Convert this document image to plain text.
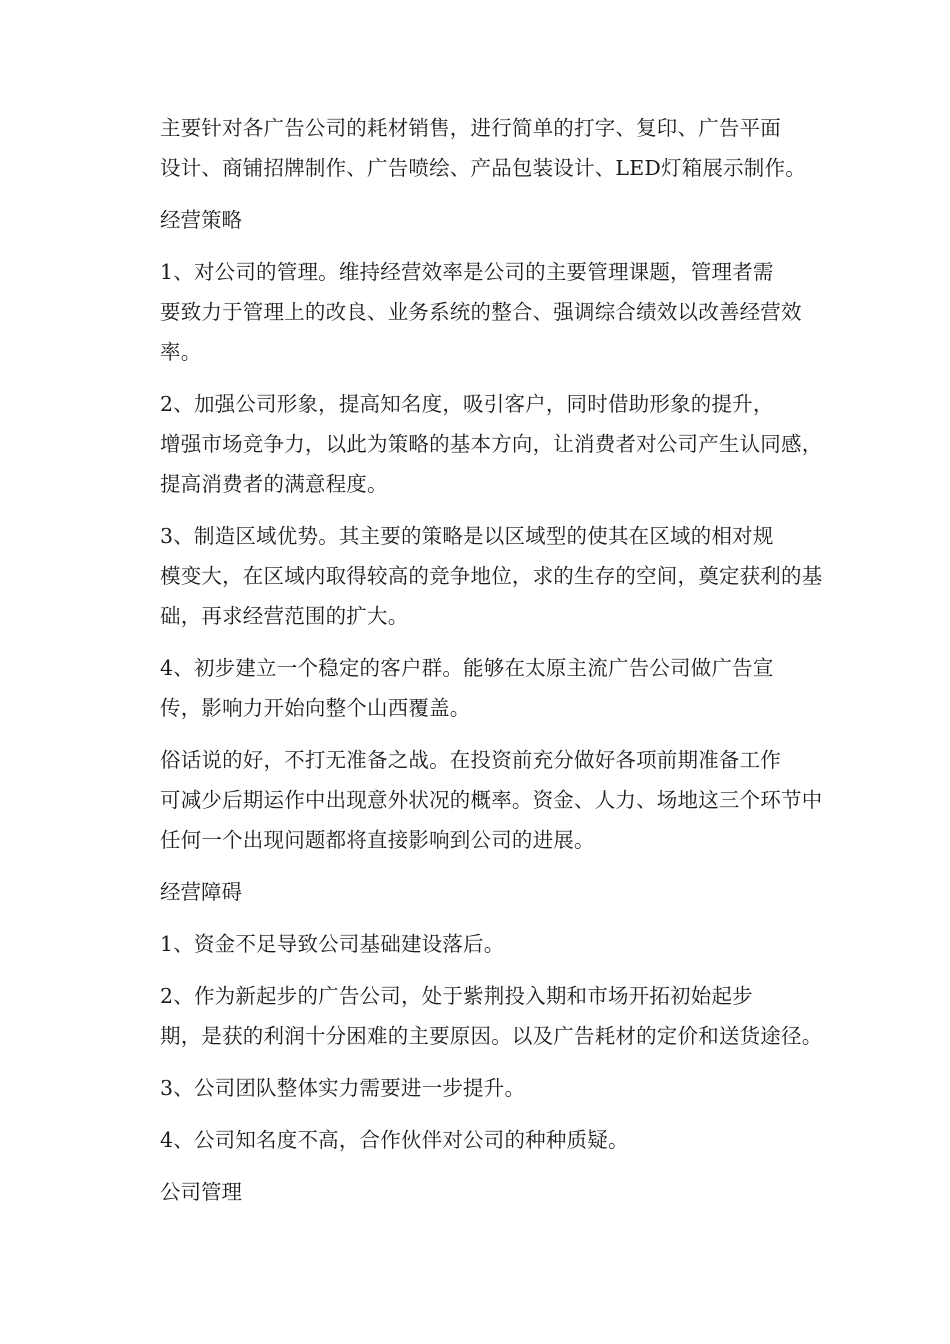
主要针对各广告公司的耗材销售，进行简单的打字、复印、广告平面
设计、商铺招牌制作、广告喷绘、产品包装设计、LED灯箱展示制作。

经营策略

1、对公司的管理。维持经营效率是公司的主要管理课题，管理者需
要致力于管理上的改良、业务系统的整合、强调综合绩效以改善经营效
率。

2、加强公司形象，提高知名度，吸引客户，同时借助形象的提升，
增强市场竞争力，以此为策略的基本方向，让消费者对公司产生认同感，
提高消费者的满意程度。

3、制造区域优势。其主要的策略是以区域型的使其在区域的相对规
模变大，在区域内取得较高的竞争地位，求的生存的空间，奠定获利的基
础，再求经营范围的扩大。

4、初步建立一个稳定的客户群。能够在太原主流广告公司做广告宣
传，影响力开始向整个山西覆盖。

俗话说的好，不打无准备之战。在投资前充分做好各项前期准备工作
可减少后期运作中出现意外状况的概率。资金、人力、场地这三个环节中
任何一个出现问题都将直接影响到公司的进展。

经营障碍

1、资金不足导致公司基础建设落后。

2、作为新起步的广告公司，处于紫荆投入期和市场开拓初始起步
期，是获的利润十分困难的主要原因。以及广告耗材的定价和送货途径。

3、公司团队整体实力需要进一步提升。

4、公司知名度不高，合作伙伴对公司的种种质疑。

公司管理
